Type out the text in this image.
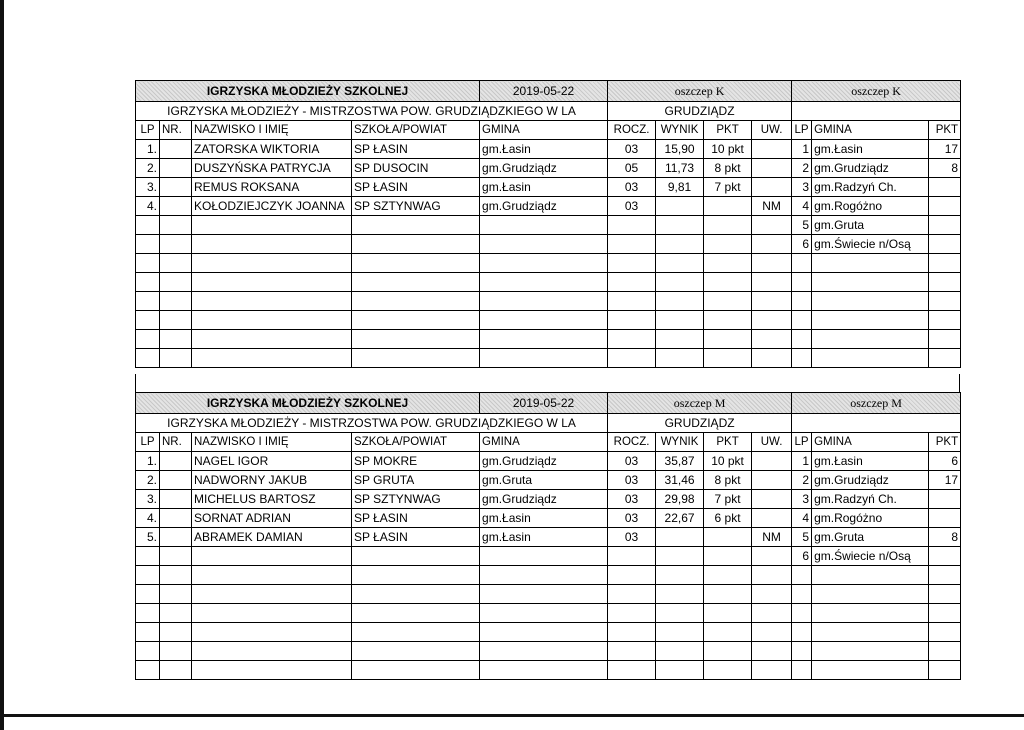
IGRZYSKA MŁODZIEŻY SZKOLNEJ				2019-05-22	oszczep K				oszczep K		
IGRZYSKA MŁODZIEŻY - MISTRZOSTWA POW. GRUDZIĄDZKIEGO W LA					GRUDZIĄDZ						
LP	NR.	NAZWISKO I IMIĘ	SZKOŁA/POWIAT	GMINA	ROCZ.	WYNIK	PKT	UW.	LP	GMINA	PKT
1.		ZATORSKA WIKTORIA	SP ŁASIN	gm.Łasin	03	15,90	10 pkt		1	gm.Łasin	17
2.		DUSZYŃSKA PATRYCJA	SP DUSOCIN	gm.Grudziądz	05	11,73	8 pkt		2	gm.Grudziądz	8
3.		REMUS ROKSANA	SP ŁASIN	gm.Łasin	03	9,81	7 pkt		3	gm.Radzyń Ch.	
4.		KOŁODZIEJCZYK JOANNA	SP SZTYNWAG	gm.Grudziądz	03			NM	4	gm.Rogóżno	
									5	gm.Gruta	
									6	gm.Świecie n/Osą	

IGRZYSKA MŁODZIEŻY SZKOLNEJ				2019-05-22	oszczep M				oszczep M		
IGRZYSKA MŁODZIEŻY - MISTRZOSTWA POW. GRUDZIĄDZKIEGO W LA					GRUDZIĄDZ						
LP	NR.	NAZWISKO I IMIĘ	SZKOŁA/POWIAT	GMINA	ROCZ.	WYNIK	PKT	UW.	LP	GMINA	PKT
1.		NAGEL IGOR	SP MOKRE	gm.Grudziądz	03	35,87	10 pkt		1	gm.Łasin	6
2.		NADWORNY JAKUB	SP GRUTA	gm.Gruta	03	31,46	8 pkt		2	gm.Grudziądz	17
3.		MICHELUS BARTOSZ	SP SZTYNWAG	gm.Grudziądz	03	29,98	7 pkt		3	gm.Radzyń Ch.	
4.		SORNAT ADRIAN	SP ŁASIN	gm.Łasin	03	22,67	6 pkt		4	gm.Rogóżno	
5.		ABRAMEK DAMIAN	SP ŁASIN	gm.Łasin	03			NM	5	gm.Gruta	8
									6	gm.Świecie n/Osą	
